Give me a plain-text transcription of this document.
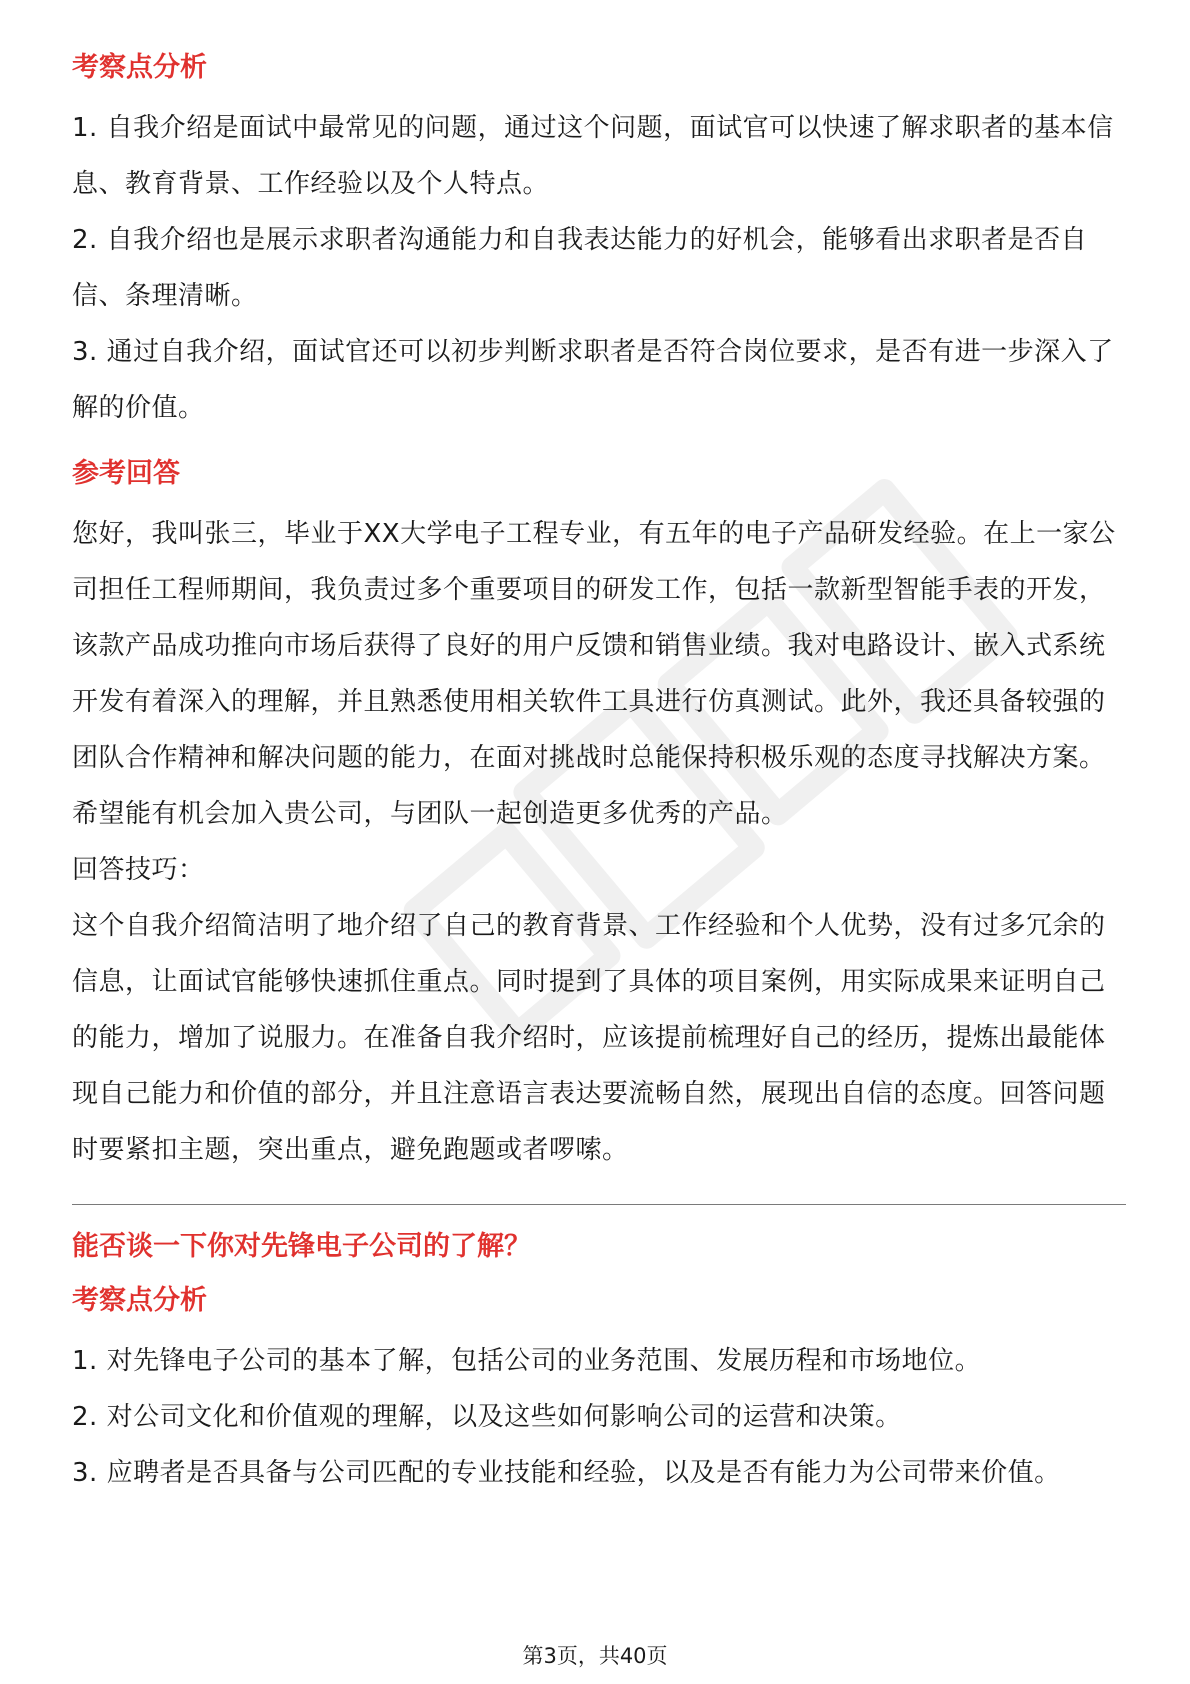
考察点分析

1. 自我介绍是面试中最常见的问题，通过这个问题，面试官可以快速了解求职者的基本信息、教育背景、工作经验以及个人特点。

2. 自我介绍也是展示求职者沟通能力和自我表达能力的好机会，能够看出求职者是否自信、条理清晰。

3. 通过自我介绍，面试官还可以初步判断求职者是否符合岗位要求，是否有进一步深入了解的价值。

参考回答

您好，我叫张三，毕业于XX大学电子工程专业，有五年的电子产品研发经验。在上一家公司担任工程师期间，我负责过多个重要项目的研发工作，包括一款新型智能手表的开发，该款产品成功推向市场后获得了良好的用户反馈和销售业绩。我对电路设计、嵌入式系统开发有着深入的理解，并且熟悉使用相关软件工具进行仿真测试。此外，我还具备较强的团队合作精神和解决问题的能力，在面对挑战时总能保持积极乐观的态度寻找解决方案。希望能有机会加入贵公司，与团队一起创造更多优秀的产品。

回答技巧：

这个自我介绍简洁明了地介绍了自己的教育背景、工作经验和个人优势，没有过多冗余的信息，让面试官能够快速抓住重点。同时提到了具体的项目案例，用实际成果来证明自己的能力，增加了说服力。在准备自我介绍时，应该提前梳理好自己的经历，提炼出最能体现自己能力和价值的部分，并且注意语言表达要流畅自然，展现出自信的态度。回答问题时要紧扣主题，突出重点，避免跑题或者啰嗦。

能否谈一下你对先锋电子公司的了解？
考察点分析

1. 对先锋电子公司的基本了解，包括公司的业务范围、发展历程和市场地位。

2. 对公司文化和价值观的理解，以及这些如何影响公司的运营和决策。

3. 应聘者是否具备与公司匹配的专业技能和经验，以及是否有能力为公司带来价值。

第3页，共40页
